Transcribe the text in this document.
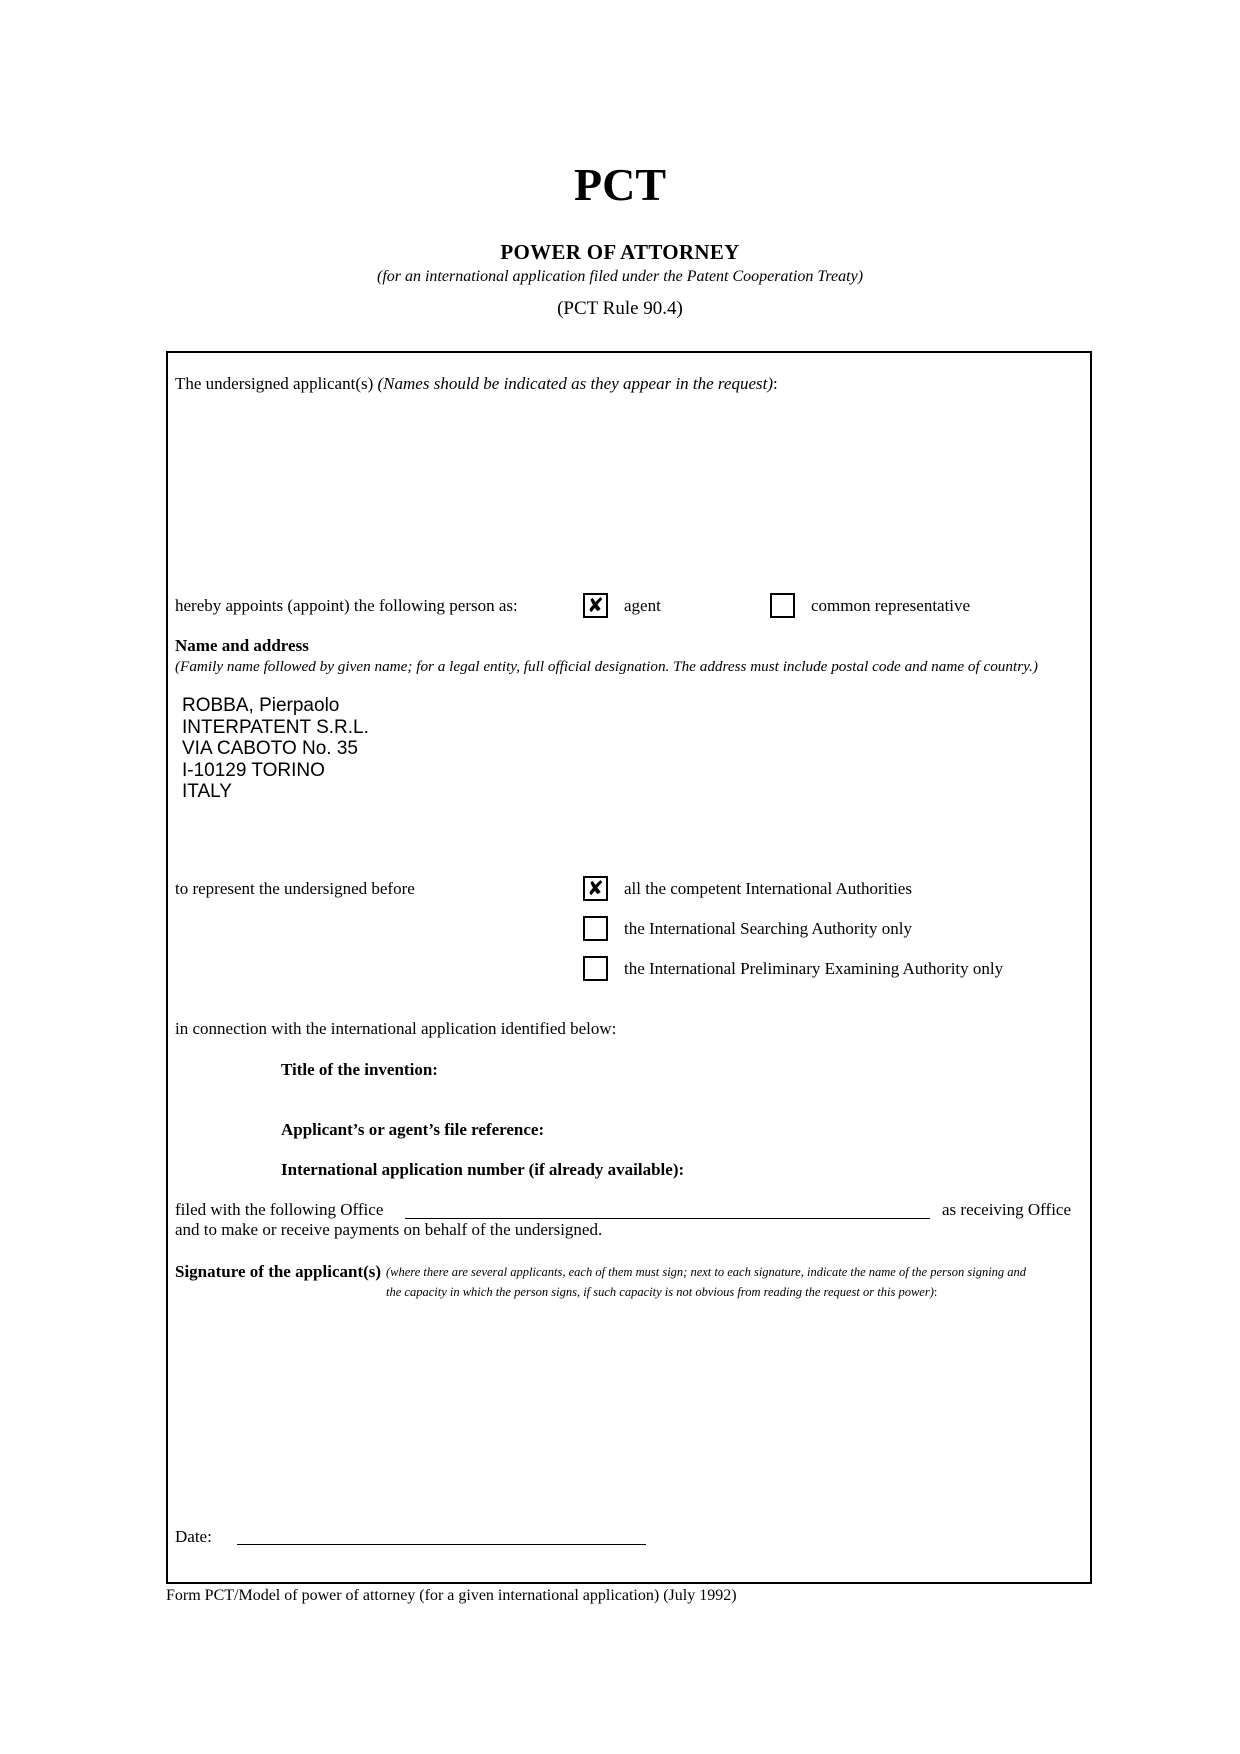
PCT
POWER OF ATTORNEY
(for an international application filed under the Patent Cooperation Treaty)
(PCT Rule 90.4)
The undersigned applicant(s) (Names should be indicated as they appear in the request):
hereby appoints (appoint) the following person as:	✘ agent	common representative
Name and address
(Family name followed by given name; for a legal entity, full official designation. The address must include postal code and name of country.)
ROBBA, Pierpaolo
INTERPATENT S.R.L.
VIA CABOTO No. 35
I-10129 TORINO
ITALY
to represent the undersigned before	✘ all the competent International Authorities
the International Searching Authority only
the International Preliminary Examining Authority only
in connection with the international application identified below:
Title of the invention:
Applicant’s or agent’s file reference:
International application number (if already available):
filed with the following Office	as receiving Office
and to make or receive payments on behalf of the undersigned.
Signature of the applicant(s) (where there are several applicants, each of them must sign; next to each signature, indicate the name of the person signing and
the capacity in which the person signs, if such capacity is not obvious from reading the request or this power):
Date:
Form PCT/Model of power of attorney (for a given international application) (July 1992)
